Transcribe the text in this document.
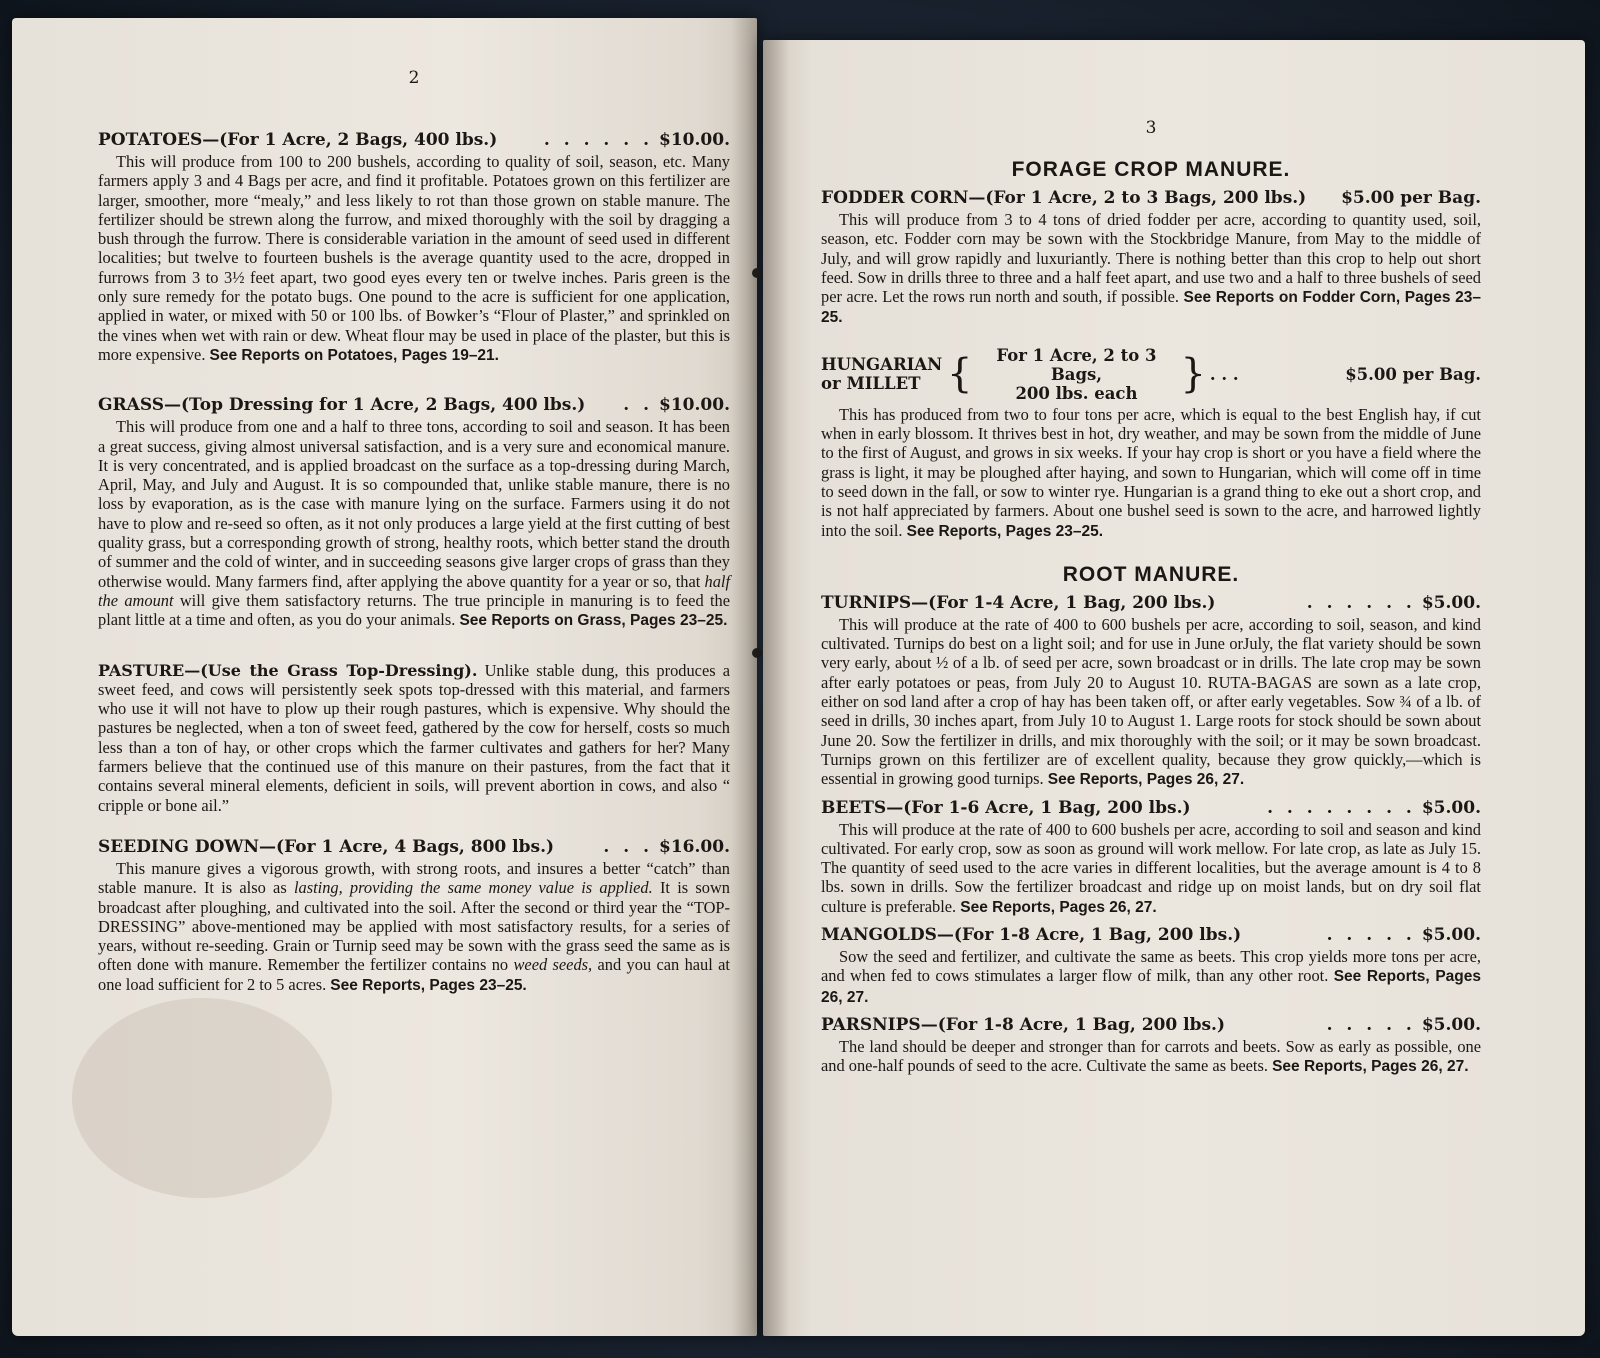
2
POTATOES—(For 1 Acre, 2 Bags, 400 lbs.)	. . . . . . $10.00.

This will produce from 100 to 200 bushels, according to quality of soil, season, etc. Many farmers apply 3 and 4 Bags per acre, and find it profitable. Potatoes grown on this fertilizer are larger, smoother, more “mealy,” and less likely to rot than those grown on stable manure. The fertilizer should be strewn along the furrow, and mixed thoroughly with the soil by dragging a bush through the furrow. There is considerable variation in the amount of seed used in different localities; but twelve to fourteen bushels is the average quantity used to the acre, dropped in furrows from 3 to 3½ feet apart, two good eyes every ten or twelve inches. Paris green is the only sure remedy for the potato bugs. One pound to the acre is sufficient for one application, applied in water, or mixed with 50 or 100 lbs. of Bowker’s “Flour of Plaster,” and sprinkled on the vines when wet with rain or dew. Wheat flour may be used in place of the plaster, but this is more expensive. See Reports on Potatoes, Pages 19–21.

GRASS—(Top Dressing for 1 Acre, 2 Bags, 400 lbs.)	. . $10.00.

This will produce from one and a half to three tons, according to soil and season. It has been a great success, giving almost universal satisfaction, and is a very sure and economical manure. It is very concentrated, and is applied broadcast on the surface as a top-dressing during March, April, May, and July and August. It is so compounded that, unlike stable manure, there is no loss by evaporation, as is the case with manure lying on the surface. Farmers using it do not have to plow and re-seed so often, as it not only produces a large yield at the first cutting of best quality grass, but a corresponding growth of strong, healthy roots, which better stand the drouth of summer and the cold of winter, and in succeeding seasons give larger crops of grass than they otherwise would. Many farmers find, after applying the above quantity for a year or so, that half the amount will give them satisfactory returns. The true principle in manuring is to feed the plant little at a time and often, as you do your animals. See Reports on Grass, Pages 23–25.

PASTURE—(Use the Grass Top-Dressing). Unlike stable dung, this produces a sweet feed, and cows will persistently seek spots top-dressed with this material, and farmers who use it will not have to plow up their rough pastures, which is expensive. Why should the pastures be neglected, when a ton of sweet feed, gathered by the cow for herself, costs so much less than a ton of hay, or other crops which the farmer cultivates and gathers for her? Many farmers believe that the continued use of this manure on their pastures, from the fact that it contains several mineral elements, deficient in soils, will prevent abortion in cows, and also “ cripple or bone ail.”

SEEDING DOWN—(For 1 Acre, 4 Bags, 800 lbs.)	. . . $16.00.

This manure gives a vigorous growth, with strong roots, and insures a better “catch” than stable manure. It is also as lasting, providing the same money value is applied. It is sown broadcast after ploughing, and cultivated into the soil. After the second or third year the “TOP-DRESSING” above-mentioned may be applied with most satisfactory results, for a series of years, without re-seeding. Grain or Turnip seed may be sown with the grass seed the same as is often done with manure. Remember the fertilizer contains no weed seeds, and you can haul at one load sufficient for 2 to 5 acres. See Reports, Pages 23–25.

3
FORAGE CROP MANURE.
FODDER CORN—(For 1 Acre, 2 to 3 Bags, 200 lbs.) $5.00 per Bag.

This will produce from 3 to 4 tons of dried fodder per acre, according to quantity used, soil, season, etc. Fodder corn may be sown with the Stockbridge Manure, from May to the middle of July, and will grow rapidly and luxuriantly. There is nothing better than this crop to help out short feed. Sow in drills three to three and a half feet apart, and use two and a half to three bushels of seed per acre. Let the rows run north and south, if possible. See Reports on Fodder Corn, Pages 23–25.

HUNGARIAN
or MILLET {	For 1 Acre, 2 to 3 Bags,
200 lbs. each	} . . .	$5.00 per Bag.

This has produced from two to four tons per acre, which is equal to the best English hay, if cut when in early blossom. It thrives best in hot, dry weather, and may be sown from the middle of June to the first of August, and grows in six weeks. If your hay crop is short or you have a field where the grass is light, it may be ploughed after haying, and sown to Hungarian, which will come off in time to seed down in the fall, or sow to winter rye. Hungarian is a grand thing to eke out a short crop, and is not half appreciated by farmers. About one bushel seed is sown to the acre, and harrowed lightly into the soil. See Reports, Pages 23–25.

ROOT MANURE.
TURNIPS—(For 1-4 Acre, 1 Bag, 200 lbs.)	. . . . . . $5.00.

This will produce at the rate of 400 to 600 bushels per acre, according to soil, season, and kind cultivated. Turnips do best on a light soil; and for use in June orJuly, the flat variety should be sown very early, about ½ of a lb. of seed per acre, sown broadcast or in drills. The late crop may be sown after early potatoes or peas, from July 20 to August 10. RUTA-BAGAS are sown as a late crop, either on sod land after a crop of hay has been taken off, or after early vegetables. Sow ¾ of a lb. of seed in drills, 30 inches apart, from July 10 to August 1. Large roots for stock should be sown about June 20. Sow the fertilizer in drills, and mix thoroughly with the soil; or it may be sown broadcast. Turnips grown on this fertilizer are of excellent quality, because they grow quickly,—which is essential in growing good turnips. See Reports, Pages 26, 27.

BEETS—(For 1-6 Acre, 1 Bag, 200 lbs.)	. . . . . . . . $5.00.

This will produce at the rate of 400 to 600 bushels per acre, according to soil and season and kind cultivated. For early crop, sow as soon as ground will work mellow. For late crop, as late as July 15. The quantity of seed used to the acre varies in different localities, but the average amount is 4 to 8 lbs. sown in drills. Sow the fertilizer broadcast and ridge up on moist lands, but on dry soil flat culture is preferable. See Reports, Pages 26, 27.

MANGOLDS—(For 1-8 Acre, 1 Bag, 200 lbs.)	. . . . . $5.00.

Sow the seed and fertilizer, and cultivate the same as beets. This crop yields more tons per acre, and when fed to cows stimulates a larger flow of milk, than any other root. See Reports, Pages 26, 27.

PARSNIPS—(For 1-8 Acre, 1 Bag, 200 lbs.)	. . . . . $5.00.

The land should be deeper and stronger than for carrots and beets. Sow as early as possible, one and one-half pounds of seed to the acre. Cultivate the same as beets. See Reports, Pages 26, 27.
